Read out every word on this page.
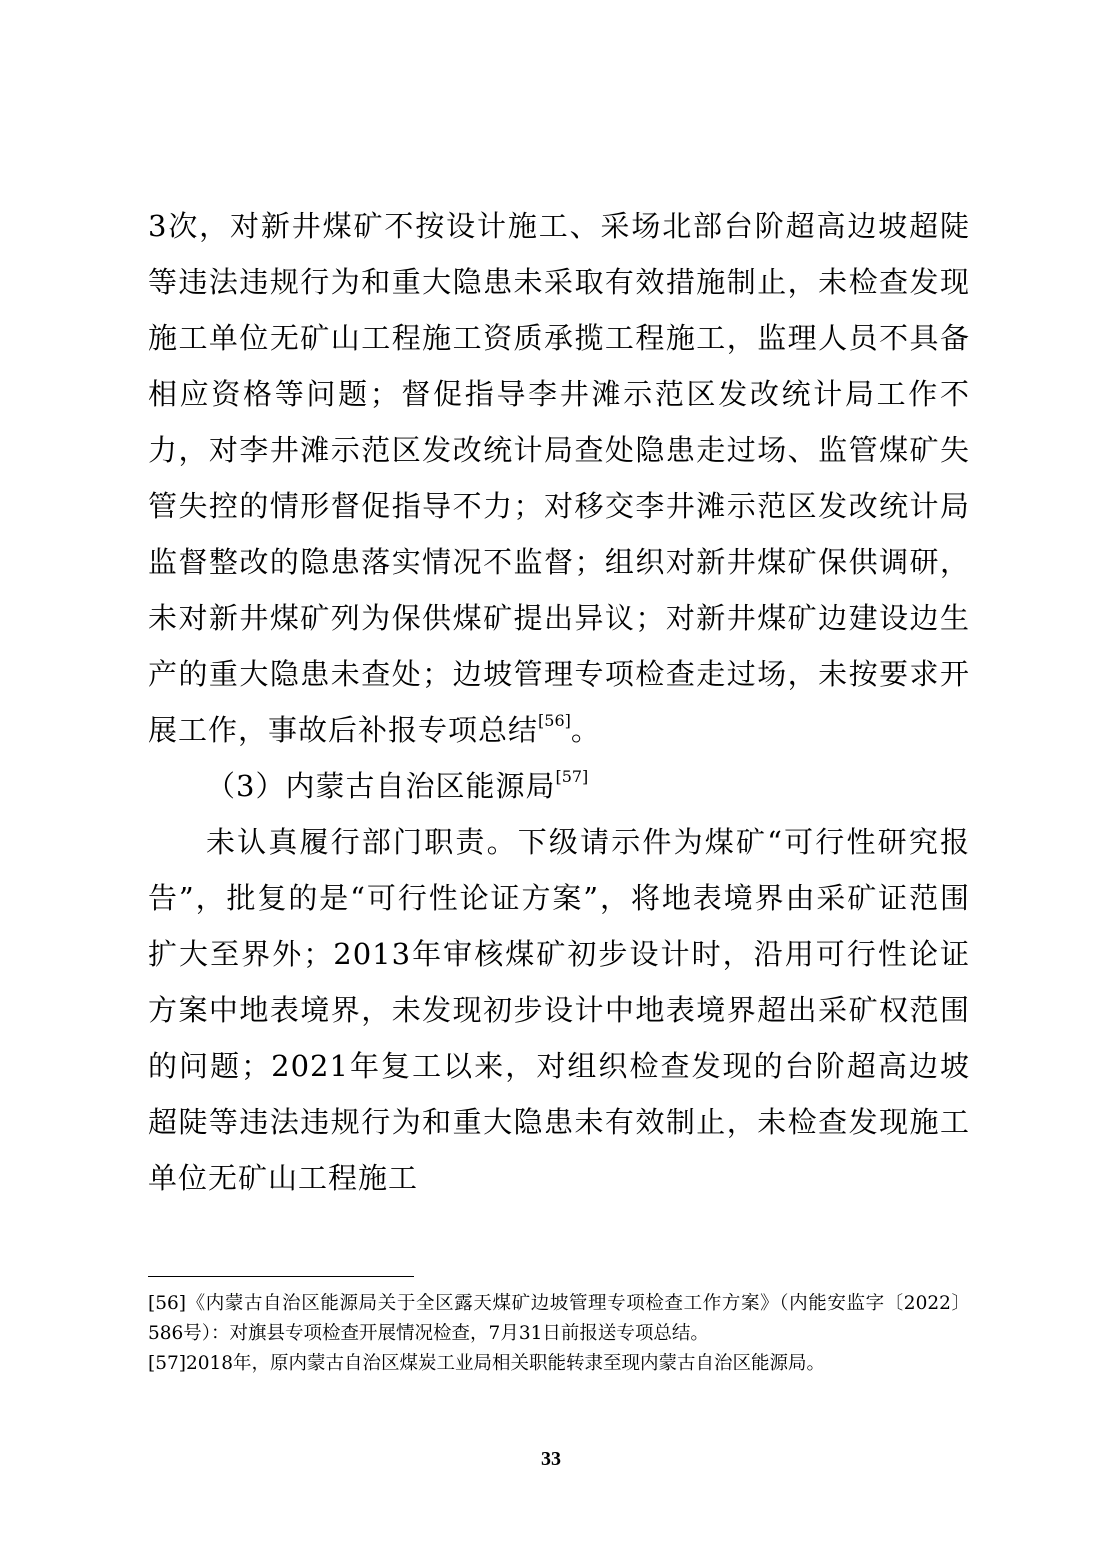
3次，对新井煤矿不按设计施工、采场北部台阶超高边坡超陡等违法违规行为和重大隐患未采取有效措施制止，未检查发现施工单位无矿山工程施工资质承揽工程施工，监理人员不具备相应资格等问题；督促指导李井滩示范区发改统计局工作不力，对李井滩示范区发改统计局查处隐患走过场、监管煤矿失管失控的情形督促指导不力；对移交李井滩示范区发改统计局监督整改的隐患落实情况不监督；组织对新井煤矿保供调研，未对新井煤矿列为保供煤矿提出异议；对新井煤矿边建设边生产的重大隐患未查处；边坡管理专项检查走过场，未按要求开展工作，事故后补报专项总结[56]。

（3）内蒙古自治区能源局[57]

未认真履行部门职责。下级请示件为煤矿“可行性研究报告”，批复的是“可行性论证方案”，将地表境界由采矿证范围扩大至界外；2013年审核煤矿初步设计时，沿用可行性论证方案中地表境界，未发现初步设计中地表境界超出采矿权范围的问题；2021年复工以来，对组织检查发现的台阶超高边坡超陡等违法违规行为和重大隐患未有效制止，未检查发现施工单位无矿山工程施工

[56]《内蒙古自治区能源局关于全区露天煤矿边坡管理专项检查工作方案》（内能安监字〔2022〕586号）：对旗县专项检查开展情况检查，7月31日前报送专项总结。

[57]2018年，原内蒙古自治区煤炭工业局相关职能转隶至现内蒙古自治区能源局。

33
